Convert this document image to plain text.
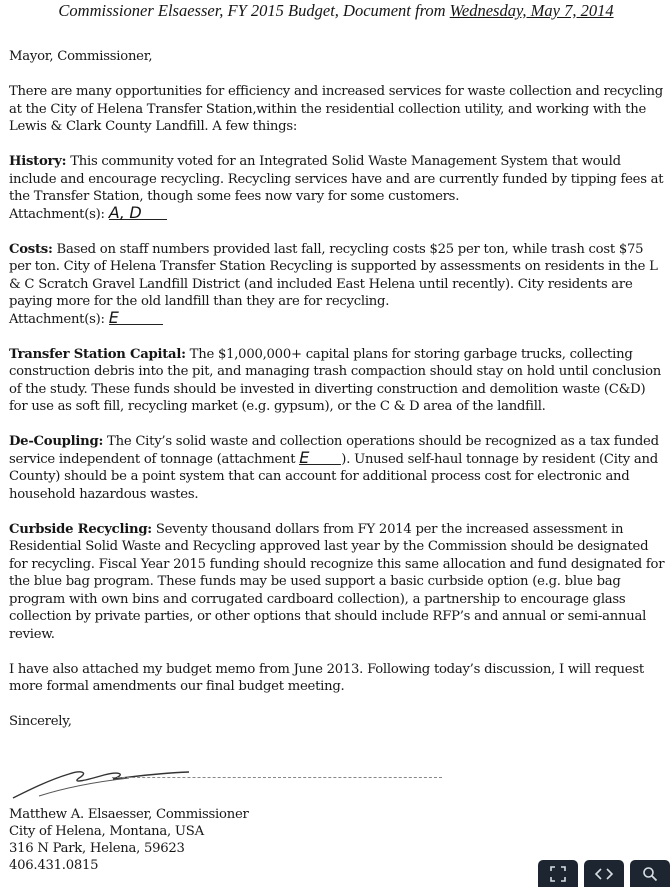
Commissioner Elsaesser, FY 2015 Budget, Document from Wednesday, May 7, 2014

Mayor, Commissioner,

There are many opportunities for efficiency and increased services for waste collection and recycling at the City of Helena Transfer Station,within the residential collection utility, and working with the Lewis & Clark County Landfill. A few things:

History: This community voted for an Integrated Solid Waste Management System that would include and encourage recycling. Recycling services have and are currently funded by tipping fees at the Transfer Station, though some fees now vary for some customers.

Attachment(s): A, D

Costs: Based on staff numbers provided last fall, recycling costs $25 per ton, while trash cost $75 per ton. City of Helena Transfer Station Recycling is supported by assessments on residents in the L & C Scratch Gravel Landfill District (and included East Helena until recently). City residents are paying more for the old landfill than they are for recycling.

Attachment(s): E

Transfer Station Capital: The $1,000,000+ capital plans for storing garbage trucks, collecting construction debris into the pit, and managing trash compaction should stay on hold until conclusion of the study. These funds should be invested in diverting construction and demolition waste (C&D) for use as soft fill, recycling market (e.g. gypsum), or the C & D area of the landfill.

De-Coupling: The City’s solid waste and collection operations should be recognized as a tax funded service independent of tonnage (attachment E ). Unused self-haul tonnage by resident (City and County) should be a point system that can account for additional process cost for electronic and household hazardous wastes.

Curbside Recycling: Seventy thousand dollars from FY 2014 per the increased assessment in Residential Solid Waste and Recycling approved last year by the Commission should be designated for recycling. Fiscal Year 2015 funding should recognize this same allocation and fund designated for the blue bag program. These funds may be used support a basic curbside option (e.g. blue bag program with own bins and corrugated cardboard collection), a partnership to encourage glass collection by private parties, or other options that should include RFP’s and annual or semi-annual review.

I have also attached my budget memo from June 2013. Following today’s discussion, I will request more formal amendments our final budget meeting.

Sincerely,

Matthew A. Elsaesser, Commissioner
City of Helena, Montana, USA
316 N Park, Helena, 59623
406.431.0815
